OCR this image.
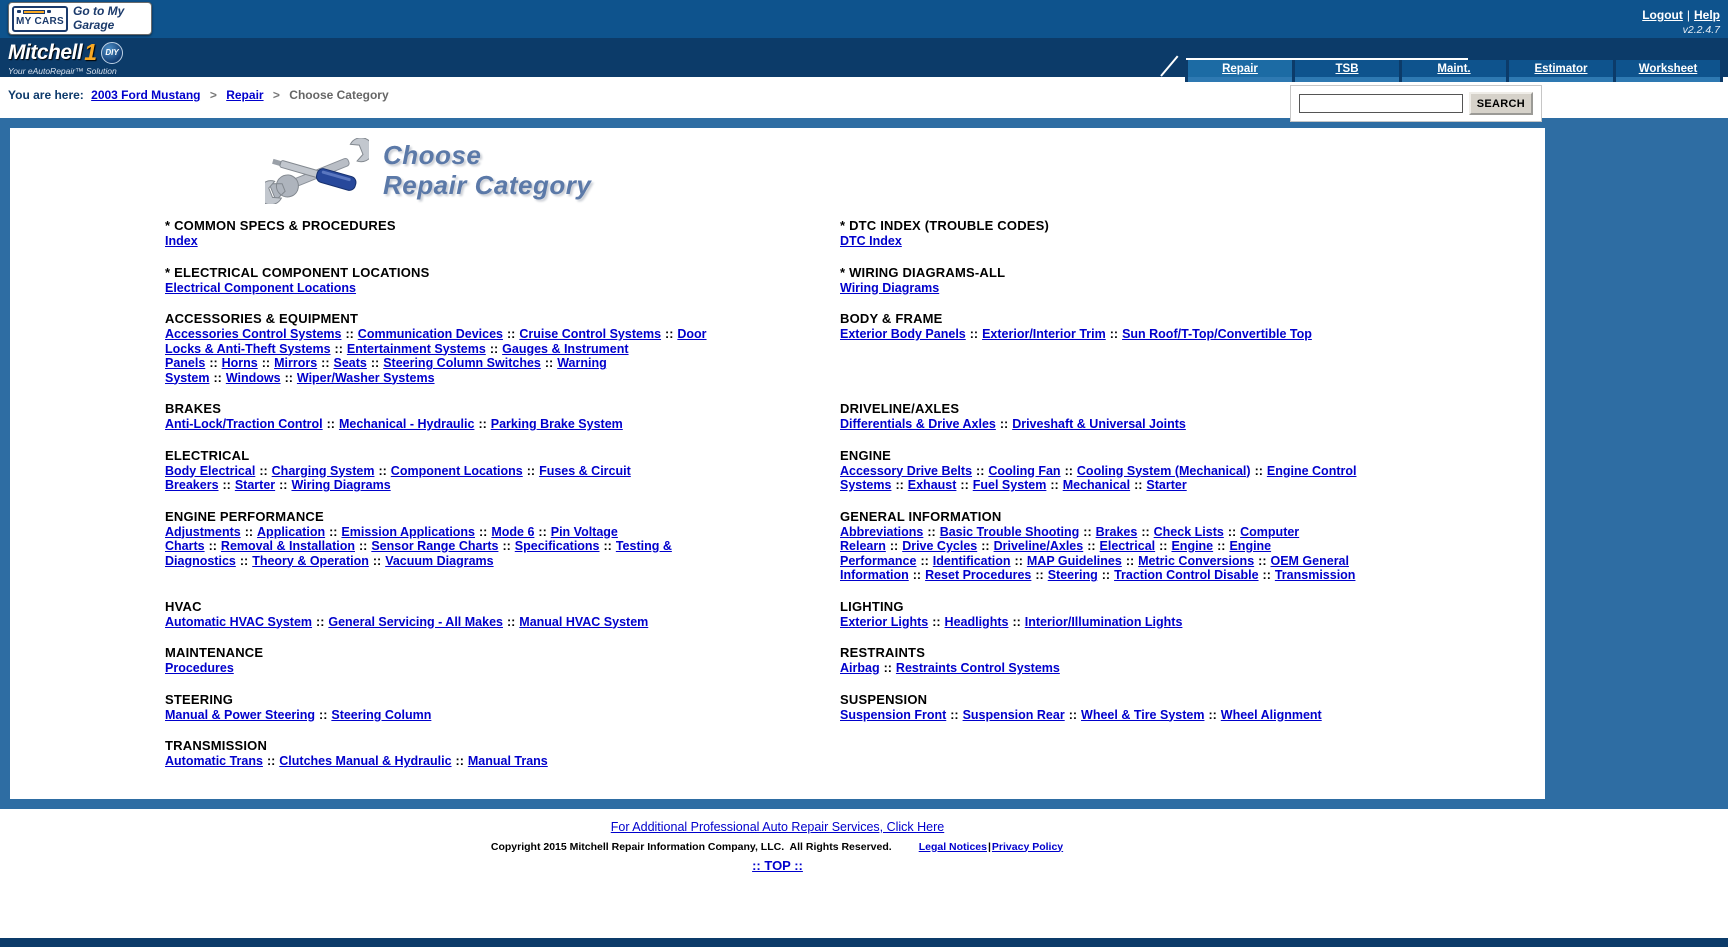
MY CARS
Go to My Garage
Logout | Help
v2.2.4.7
Mitchell 1	DIY
Your eAutoRepair™ Solution	Repair	TSB	Maint.	Estimator	Worksheet
You are here: 2003 Ford Mustang > Repair > Choose Category
SEARCH
Choose
Repair Category
* COMMON SPECS & PROCEDURES
Index
* DTC INDEX (TROUBLE CODES)
DTC Index
* ELECTRICAL COMPONENT LOCATIONS
Electrical Component Locations
* WIRING DIAGRAMS-ALL
Wiring Diagrams
ACCESSORIES & EQUIPMENT
Accessories Control Systems :: Communication Devices :: Cruise Control Systems :: Door Locks & Anti-Theft Systems :: Entertainment Systems :: Gauges & Instrument Panels :: Horns :: Mirrors :: Seats :: Steering Column Switches :: Warning System :: Windows :: Wiper/Washer Systems
BODY & FRAME
Exterior Body Panels :: Exterior/Interior Trim :: Sun Roof/T-Top/Convertible Top
BRAKES
Anti-Lock/Traction Control :: Mechanical - Hydraulic :: Parking Brake System
DRIVELINE/AXLES
Differentials & Drive Axles :: Driveshaft & Universal Joints
ELECTRICAL
Body Electrical :: Charging System :: Component Locations :: Fuses & Circuit Breakers :: Starter :: Wiring Diagrams
ENGINE
Accessory Drive Belts :: Cooling Fan :: Cooling System (Mechanical) :: Engine Control Systems :: Exhaust :: Fuel System :: Mechanical :: Starter
ENGINE PERFORMANCE
Adjustments :: Application :: Emission Applications :: Mode 6 :: Pin Voltage Charts :: Removal & Installation :: Sensor Range Charts :: Specifications :: Testing & Diagnostics :: Theory & Operation :: Vacuum Diagrams
GENERAL INFORMATION
Abbreviations :: Basic Trouble Shooting :: Brakes :: Check Lists :: Computer Relearn :: Drive Cycles :: Driveline/Axles :: Electrical :: Engine :: Engine Performance :: Identification :: MAP Guidelines :: Metric Conversions :: OEM General Information :: Reset Procedures :: Steering :: Traction Control Disable :: Transmission
HVAC
Automatic HVAC System :: General Servicing - All Makes :: Manual HVAC System
LIGHTING
Exterior Lights :: Headlights :: Interior/Illumination Lights
MAINTENANCE
Procedures
RESTRAINTS
Airbag :: Restraints Control Systems
STEERING
Manual & Power Steering :: Steering Column
SUSPENSION
Suspension Front :: Suspension Rear :: Wheel & Tire System :: Wheel Alignment
TRANSMISSION
Automatic Trans :: Clutches Manual & Hydraulic :: Manual Trans
For Additional Professional Auto Repair Services, Click Here
Copyright 2015 Mitchell Repair Information Company, LLC.  All Rights Reserved.	Legal Notices|Privacy Policy
:: TOP ::
